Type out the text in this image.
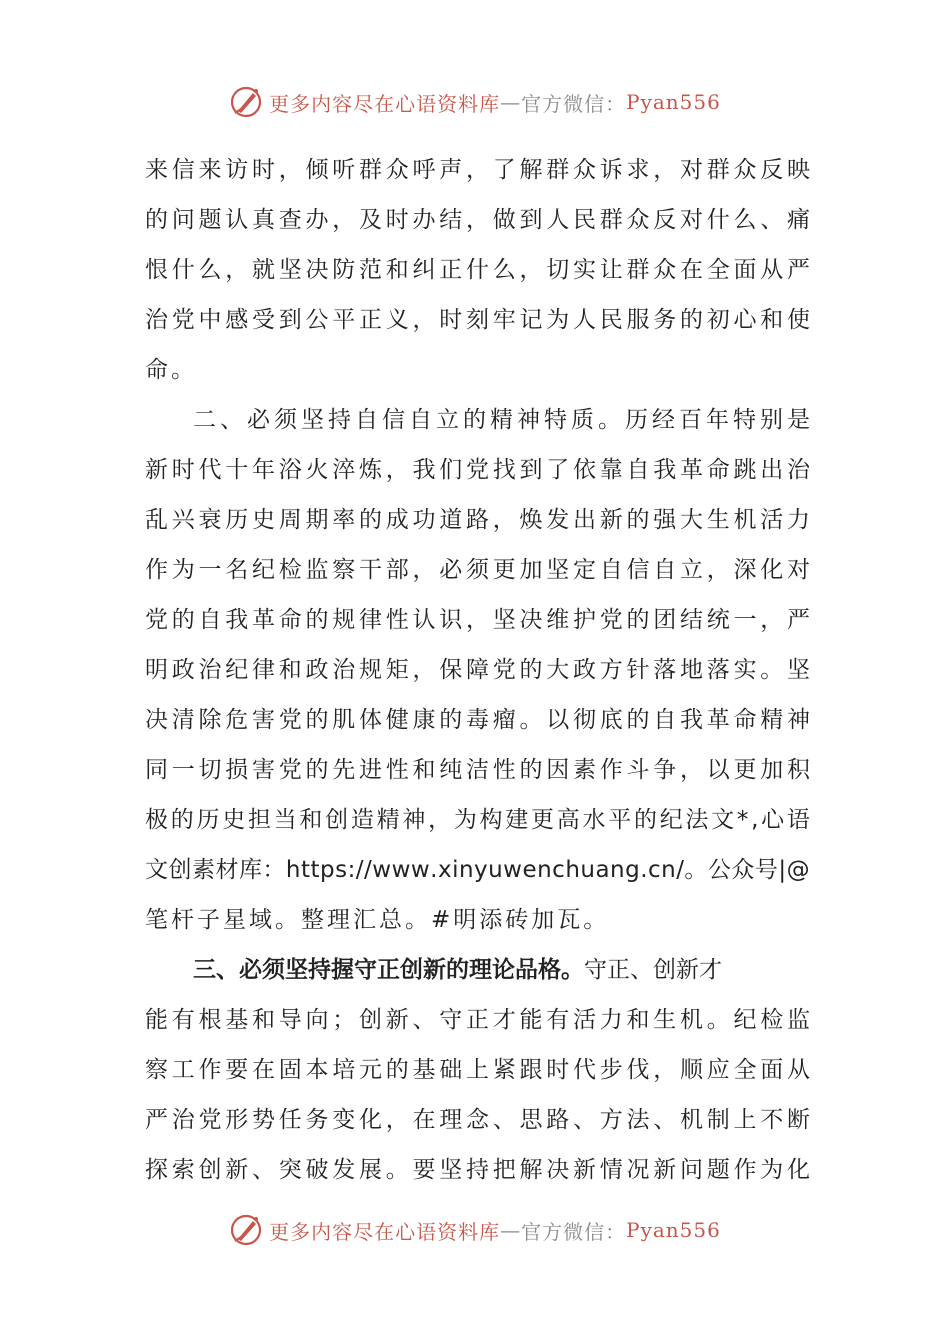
更多内容尽在心语资料库 — 官方微信： Pyan556
来 信 来 访 时 ， 倾 听 群 众 呼 声 ， 了 解 群 众 诉 求 ， 对 群 众 反 映
的 问 题 认 真 查 办 ， 及 时 办 结 ， 做 到 人 民 群 众 反 对 什 么 、 痛
恨 什 么 ， 就 坚 决 防 范 和 纠 正 什 么 ， 切 实 让 群 众 在 全 面 从 严
治 党 中 感 受 到 公 平 正 义 ， 时 刻 牢 记 为 人 民 服 务 的 初 心 和 使
命。
二 、 必 须 坚 持 自 信 自 立 的 精 神 特 质 。 历 经 百 年 特 别 是
新 时 代 十 年 浴 火 淬 炼 ， 我 们 党 找 到 了 依 靠 自 我 革 命 跳 出 治
乱 兴 衰 历 史 周 期 率 的 成 功 道 路 ， 焕 发 出 新 的 强 大 生 机 活 力
作 为 一 名 纪 检 监 察 干 部 ， 必 须 更 加 坚 定 自 信 自 立 ， 深 化 对
党 的 自 我 革 命 的 规 律 性 认 识 ， 坚 决 维 护 党 的 团 结 统 一 ， 严
明 政 治 纪 律 和 政 治 规 矩 ， 保 障 党 的 大 政 方 针 落 地 落 实 。 坚
决 清 除 危 害 党 的 肌 体 健 康 的 毒 瘤 。 以 彻 底 的 自 我 革 命 精 神
同 一 切 损 害 党 的 先 进 性 和 纯 洁 性 的 因 素 作 斗 争 ， 以 更 加 积
极 的 历 史 担 当 和 创 造 精 神 ， 为 构 建 更 高 水 平 的 纪 法 文 * , 心 语
文 创 素 材 库 ： h t t p s : / / w w w . x i n y u w e n c h u a n g . c n / 。 公 众 号 | @
笔杆子星域。整理汇总。#明添砖加瓦。
三、必须坚持握守正创新的理论品格。 守正、创新才
能 有 根 基 和 导 向 ； 创 新 、 守 正 才 能 有 活 力 和 生 机 。 纪 检 监
察 工 作 要 在 固 本 培 元 的 基 础 上 紧 跟 时 代 步 伐 ， 顺 应 全 面 从
严 治 党 形 势 任 务 变 化 ， 在 理 念 、 思 路 、 方 法 、 机 制 上 不 断
探 索 创 新 、 突 破 发 展 。 要 坚 持 把 解 决 新 情 况 新 问 题 作 为 化
更多内容尽在心语资料库 — 官方微信： Pyan556
